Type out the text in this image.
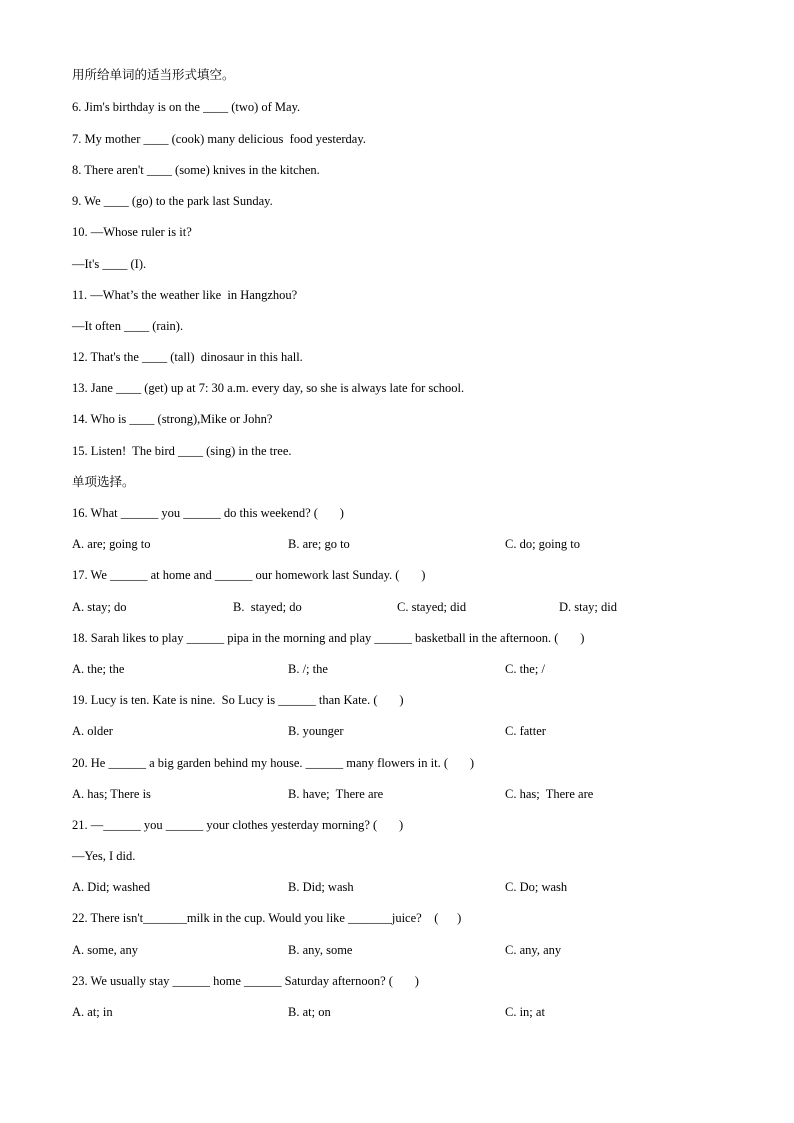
用所给单词的适当形式填空。
6. Jim's birthday is on the ____ (two) of May.
7. My mother ____ (cook) many delicious  food yesterday.
8. There aren't ____ (some) knives in the kitchen.
9. We ____ (go) to the park last Sunday.
10. —Whose ruler is it?
—It's ____ (I).
11. —What’s the weather like  in Hangzhou?
—It often ____ (rain).
12. That's the ____ (tall)  dinosaur in this hall.
13. Jane ____ (get) up at 7: 30 a.m. every day, so she is always late for school.
14. Who is ____ (strong),Mike or John?
15. Listen!  The bird ____ (sing) in the tree.
单项选择。
16. What ______ you ______ do this weekend? (       )
A. are; going to	B. are; go to	C. do; going to
17. We ______ at home and ______ our homework last Sunday. (       )
A. stay; do	B.  stayed; do	C. stayed; did	D. stay; did
18. Sarah likes to play ______ pipa in the morning and play ______ basketball in the afternoon. (       )
A. the; the	B. /; the	C. the; /
19. Lucy is ten. Kate is nine.  So Lucy is ______ than Kate. (       )
A. older	B. younger	C. fatter
20. He ______ a big garden behind my house. ______ many flowers in it. (       )
A. has; There is	B. have;  There are	C. has;  There are
21. —______ you ______ your clothes yesterday morning? (       )
—Yes, I did.
A. Did; washed	B. Did; wash	C. Do; wash
22. There isn't_______milk in the cup. Would you like _______juice?    (      )
A. some, any	B. any, some	C. any, any
23. We usually stay ______ home ______ Saturday afternoon? (       )
A. at; in	B. at; on	C. in; at
